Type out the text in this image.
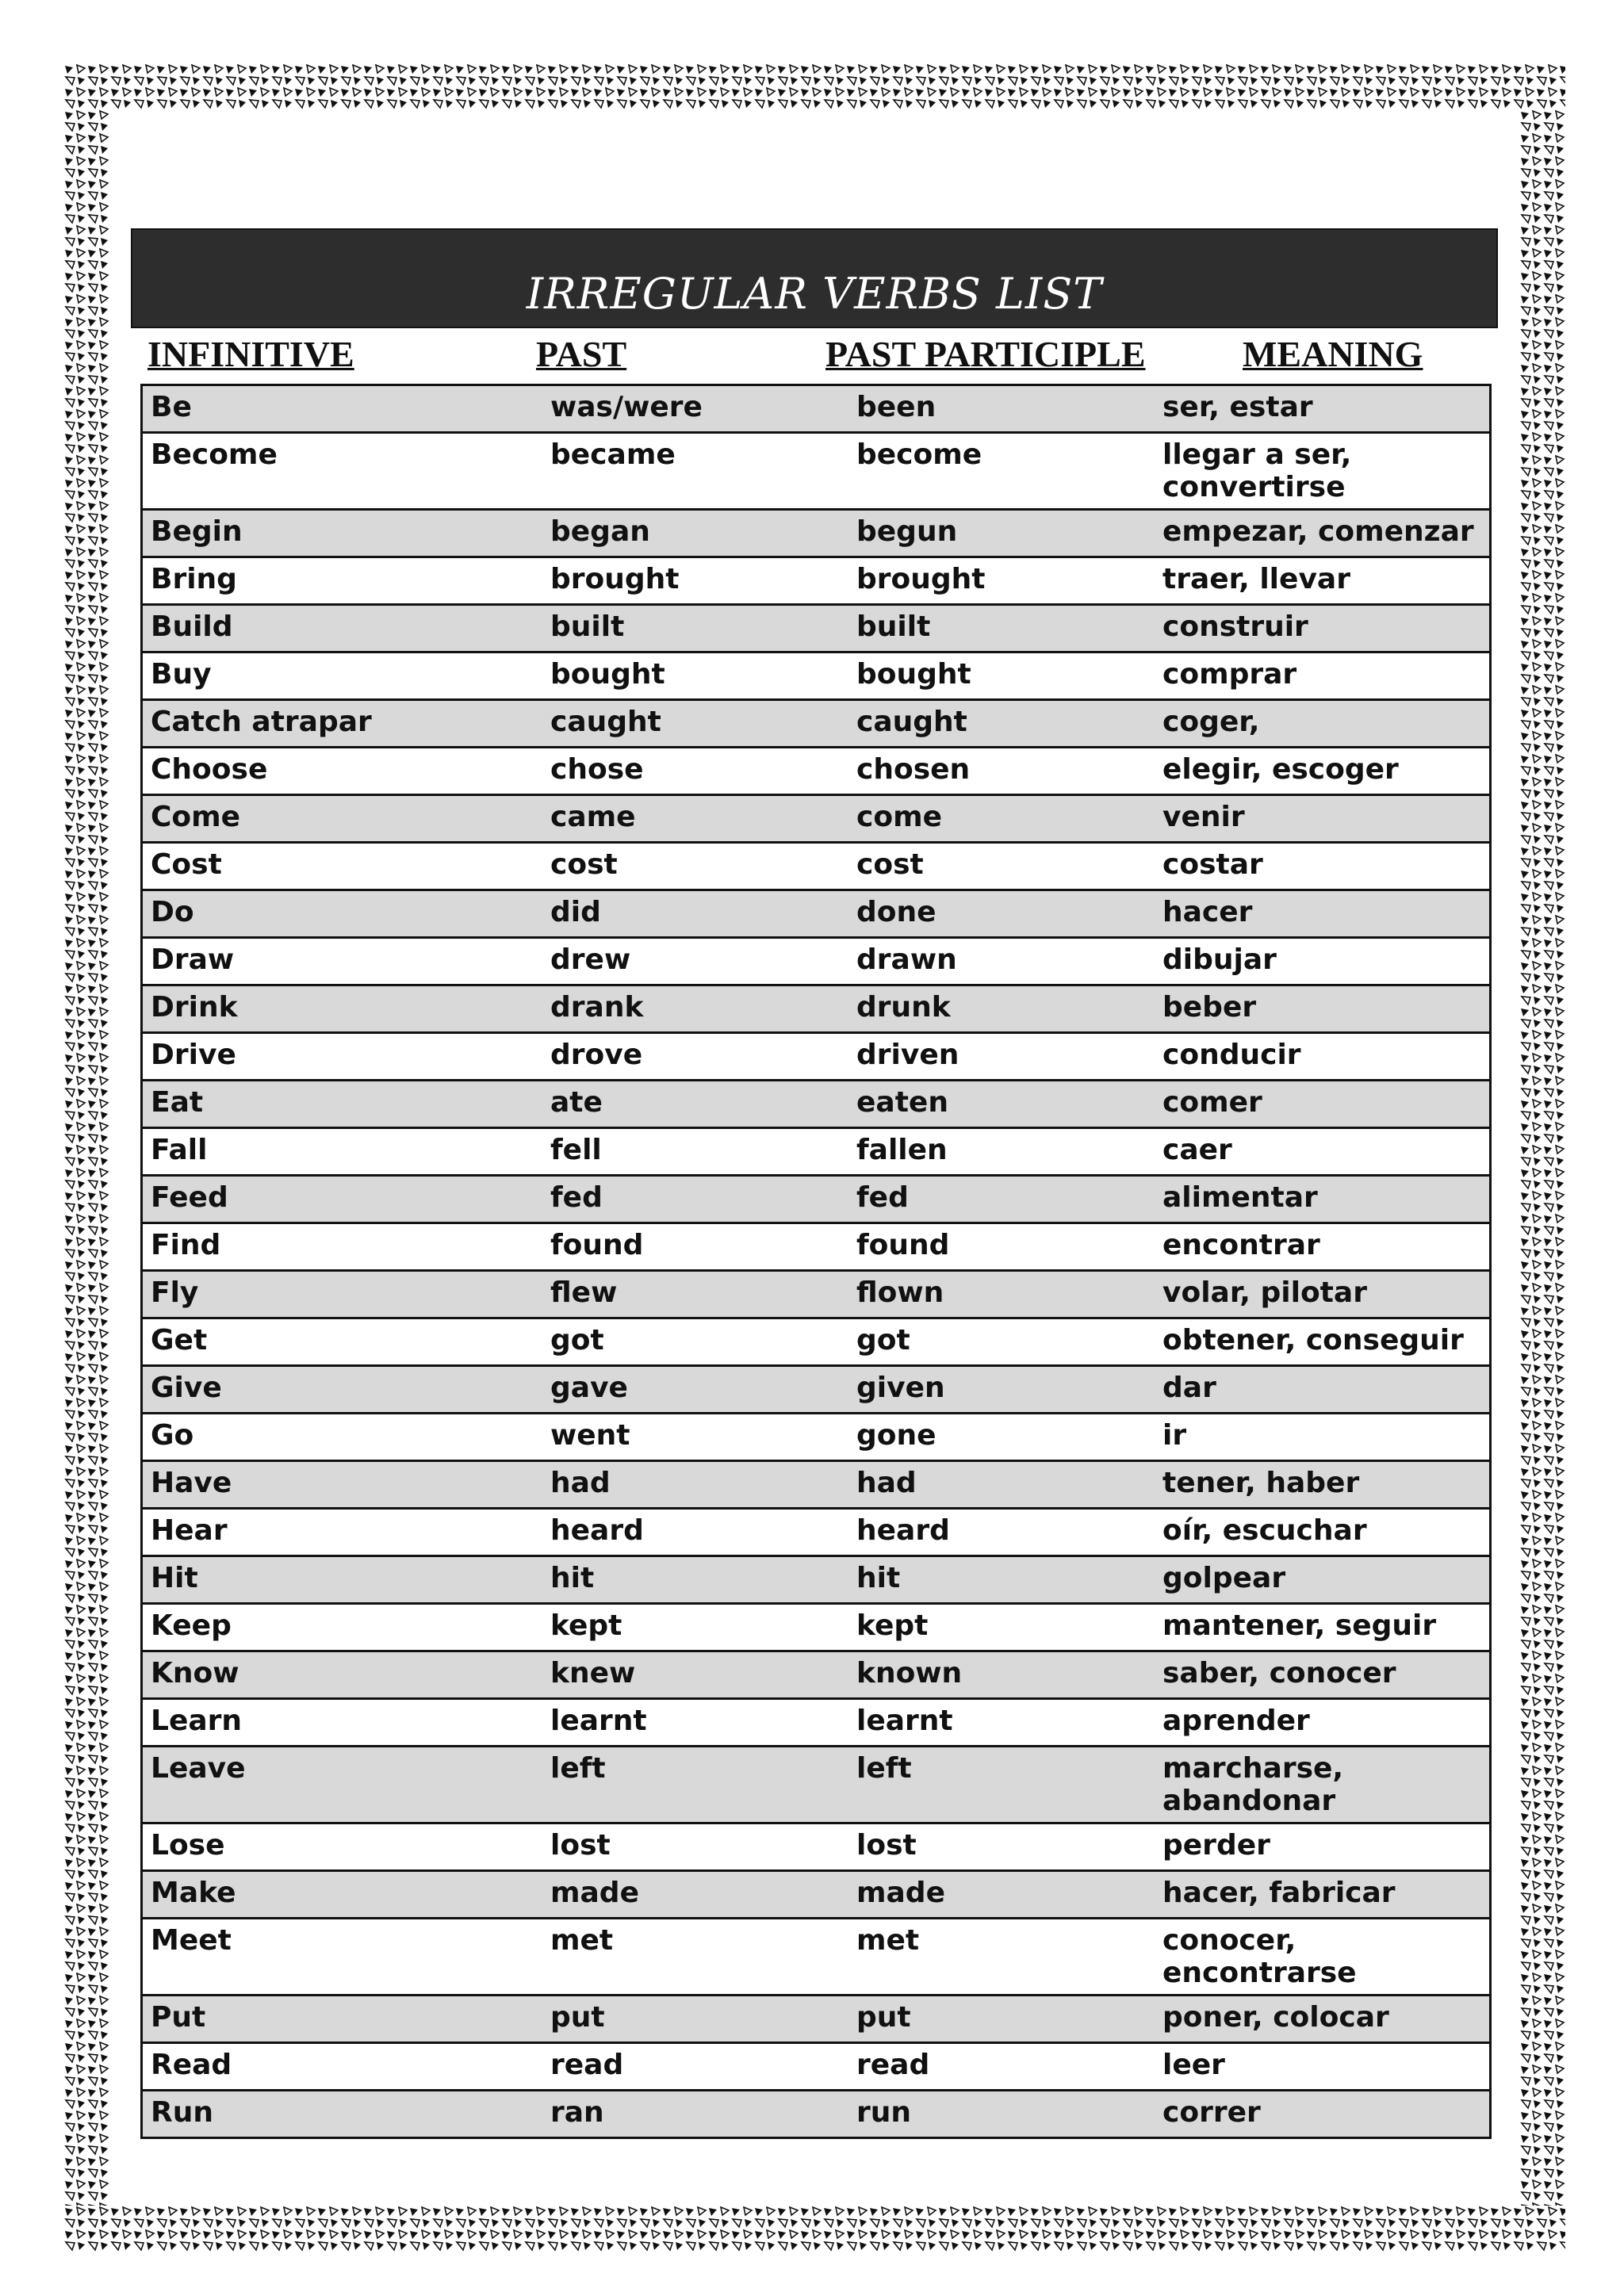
IRREGULAR VERBS LIST
INFINITIVE	PAST	PAST PARTICIPLE	MEANING
Be	was/were	been	ser, estar
Become	became	become	llegar a ser, convertirse
Begin	began	begun	empezar, comenzar
Bring	brought	brought	traer, llevar
Build	built	built	construir
Buy	bought	bought	comprar
Catch atrapar	caught	caught	coger,
Choose	chose	chosen	elegir, escoger
Come	came	come	venir
Cost	cost	cost	costar
Do	did	done	hacer
Draw	drew	drawn	dibujar
Drink	drank	drunk	beber
Drive	drove	driven	conducir
Eat	ate	eaten	comer
Fall	fell	fallen	caer
Feed	fed	fed	alimentar
Find	found	found	encontrar
Fly	flew	flown	volar, pilotar
Get	got	got	obtener, conseguir
Give	gave	given	dar
Go	went	gone	ir
Have	had	had	tener, haber
Hear	heard	heard	oír, escuchar
Hit	hit	hit	golpear
Keep	kept	kept	mantener, seguir
Know	knew	known	saber, conocer
Learn	learnt	learnt	aprender
Leave	left	left	marcharse, abandonar
Lose	lost	lost	perder
Make	made	made	hacer, fabricar
Meet	met	met	conocer, encontrarse
Put	put	put	poner, colocar
Read	read	read	leer
Run	ran	run	correr
